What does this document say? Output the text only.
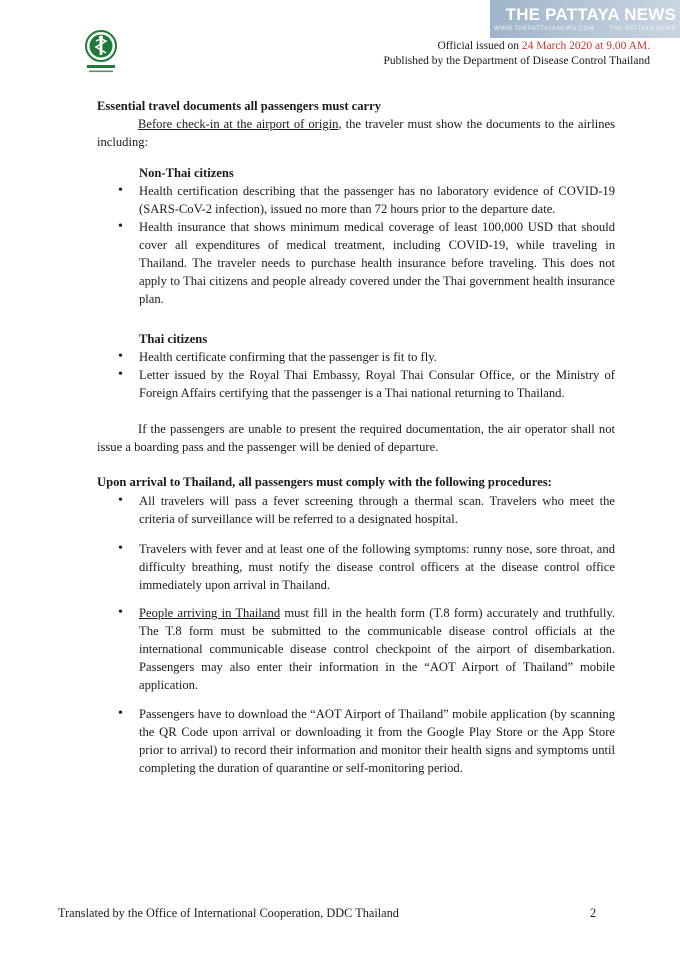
THE PATTAYA NEWS
WWW.THEPATTAYANEWS.COM	THE PATTAYA NEWS
Official issued on 24 March 2020 at 9.00 AM.
Published by the Department of Disease Control Thailand
Essential travel documents all passengers must carry
Before check-in at the airport of origin, the traveler must show the documents to the airlines including:
Non-Thai citizens
• Health certification describing that the passenger has no laboratory evidence of COVID-19 (SARS-CoV-2 infection), issued no more than 72 hours prior to the departure date.
• Health insurance that shows minimum medical coverage of least 100,000 USD that should cover all expenditures of medical treatment, including COVID-19, while traveling in Thailand. The traveler needs to purchase health insurance before traveling. This does not apply to Thai citizens and people already covered under the Thai government health insurance plan.
Thai citizens
• Health certificate confirming that the passenger is fit to fly.
• Letter issued by the Royal Thai Embassy, Royal Thai Consular Office, or the Ministry of Foreign Affairs certifying that the passenger is a Thai national returning to Thailand.
If the passengers are unable to present the required documentation, the air operator shall not issue a boarding pass and the passenger will be denied of departure.
Upon arrival to Thailand, all passengers must comply with the following procedures:
• All travelers will pass a fever screening through a thermal scan. Travelers who meet the criteria of surveillance will be referred to a designated hospital.
• Travelers with fever and at least one of the following symptoms: runny nose, sore throat, and difficulty breathing, must notify the disease control officers at the disease control office immediately upon arrival in Thailand.
• People arriving in Thailand must fill in the health form (T.8 form) accurately and truthfully. The T.8 form must be submitted to the communicable disease control officials at the international communicable disease control checkpoint of the airport of disembarkation. Passengers may also enter their information in the “AOT Airport of Thailand” mobile application.
• Passengers have to download the “AOT Airport of Thailand” mobile application (by scanning the QR Code upon arrival or downloading it from the Google Play Store or the App Store prior to arrival) to record their information and monitor their health signs and symptoms until completing the duration of quarantine or self-monitoring period.
Translated by the Office of International Cooperation, DDC Thailand	2
